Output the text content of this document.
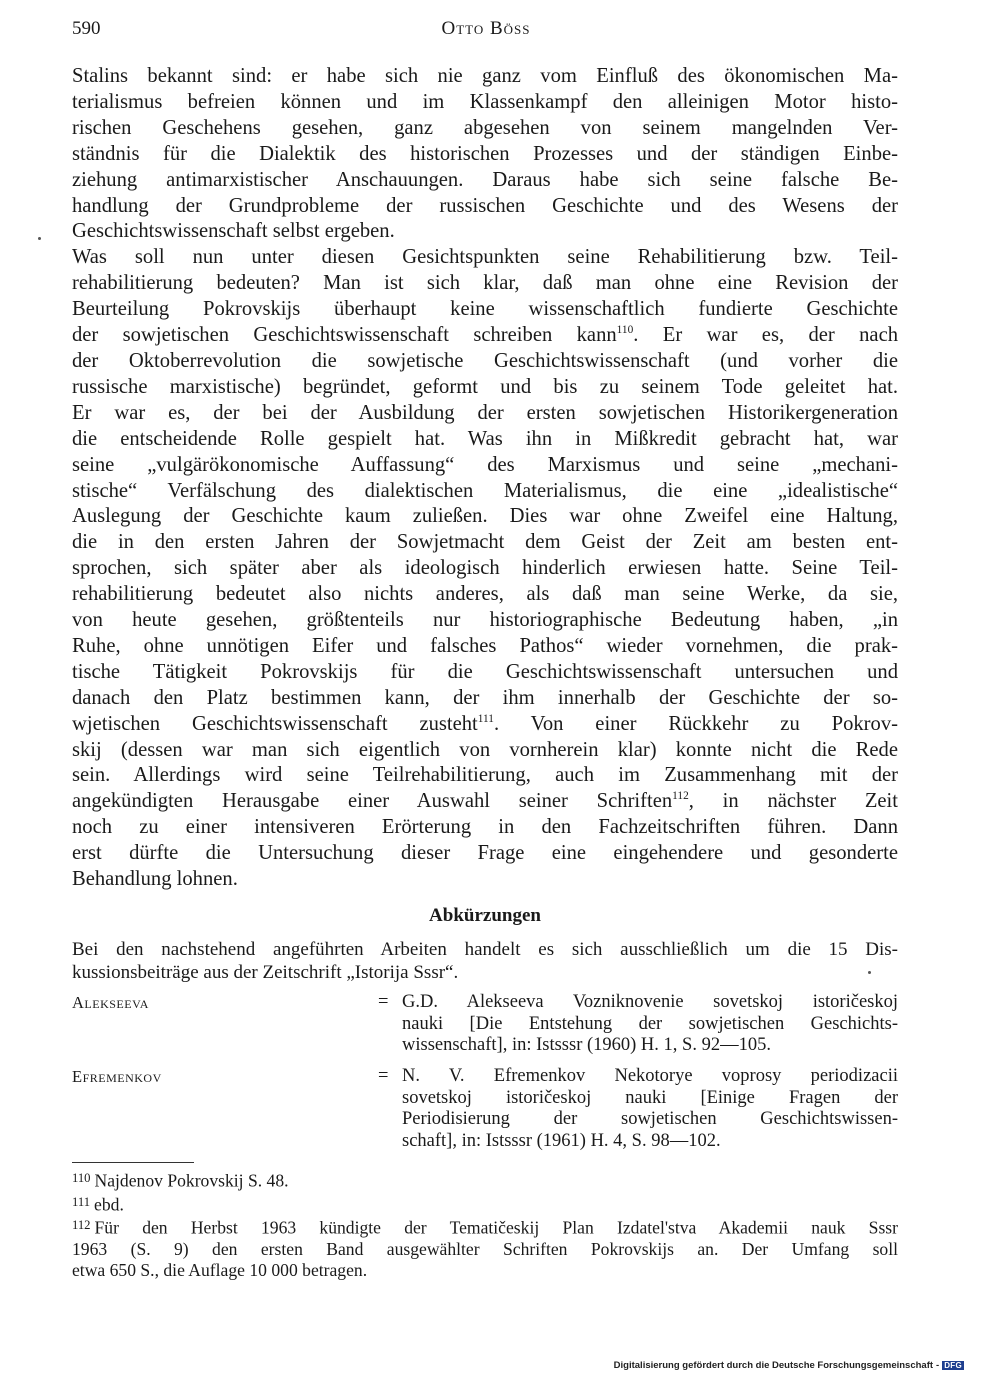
590	Otto Böss
Stalins bekannt sind: er habe sich nie ganz vom Einfluß des ökonomischen Ma-
terialismus befreien können und im Klassenkampf den alleinigen Motor histo-
rischen Geschehens gesehen, ganz abgesehen von seinem mangelnden Ver-
ständnis für die Dialektik des historischen Prozesses und der ständigen Einbe-
ziehung antimarxistischer Anschauungen. Daraus habe sich seine falsche Be-
handlung der Grundprobleme der russischen Geschichte und des Wesens der
Geschichtswissenschaft selbst ergeben.
Was soll nun unter diesen Gesichtspunkten seine Rehabilitierung bzw. Teil-
rehabilitierung bedeuten? Man ist sich klar, daß man ohne eine Revision der
Beurteilung Pokrovskijs überhaupt keine wissenschaftlich fundierte Geschichte
der sowjetischen Geschichtswissenschaft schreiben kann$^{110}$. Er war es, der nach
der Oktoberrevolution die sowjetische Geschichtswissenschaft (und vorher die
russische marxistische) begründet, geformt und bis zu seinem Tode geleitet hat.
Er war es, der bei der Ausbildung der ersten sowjetischen Historikergeneration
die entscheidende Rolle gespielt hat. Was ihn in Mißkredit gebracht hat, war
seine „vulgärökonomische Auffassung“ des Marxismus und seine „mechani-
stische“ Verfälschung des dialektischen Materialismus, die eine „idealistische“
Auslegung der Geschichte kaum zuließen. Dies war ohne Zweifel eine Haltung,
die in den ersten Jahren der Sowjetmacht dem Geist der Zeit am besten ent-
sprochen, sich später aber als ideologisch hinderlich erwiesen hatte. Seine Teil-
rehabilitierung bedeutet also nichts anderes, als daß man seine Werke, da sie,
von heute gesehen, größtenteils nur historiographische Bedeutung haben, „in
Ruhe, ohne unnötigen Eifer und falsches Pathos“ wieder vornehmen, die prak-
tische Tätigkeit Pokrovskijs für die Geschichtswissenschaft untersuchen und
danach den Platz bestimmen kann, der ihm innerhalb der Geschichte der so-
wjetischen Geschichtswissenschaft zusteht$^{111}$. Von einer Rückkehr zu Pokrov-
skij (dessen war man sich eigentlich von vornherein klar) konnte nicht die Rede
sein. Allerdings wird seine Teilrehabilitierung, auch im Zusammenhang mit der
angekündigten Herausgabe einer Auswahl seiner Schriften$^{112}$, in nächster Zeit
noch zu einer intensiveren Erörterung in den Fachzeitschriften führen. Dann
erst dürfte die Untersuchung dieser Frage eine eingehendere und gesonderte
Behandlung lohnen.
Abkürzungen
Bei den nachstehend angeführten Arbeiten handelt es sich ausschließlich um die 15 Dis-
kussionsbeiträge aus der Zeitschrift „Istorija Sssr“.
Alekseeva	= G.D. Alekseeva Vozniknovenie sovetskoj istoričeskoj
nauki [Die Entstehung der sowjetischen Geschichts-
wissenschaft], in: Istsssr (1960) H. 1, S. 92—105.
Efremenkov	= N. V. Efremenkov Nekotorye voprosy periodizacii
sovetskoj istoričeskoj nauki [Einige Fragen der
Periodisierung der sowjetischen Geschichtswissen-
schaft], in: Istsssr (1961) H. 4, S. 98—102.
$^{110}$ Najdenov Pokrovskij S. 48.
$^{111}$ ebd.
$^{112}$ Für den Herbst 1963 kündigte der Tematičeskij Plan Izdatel'stva Akademii nauk Sssr
1963 (S. 9) den ersten Band ausgewählter Schriften Pokrovskijs an. Der Umfang soll
etwa 650 S., die Auflage 10 000 betragen.
Digitalisierung gefördert durch die Deutsche Forschungsgemeinschaft - DFG
